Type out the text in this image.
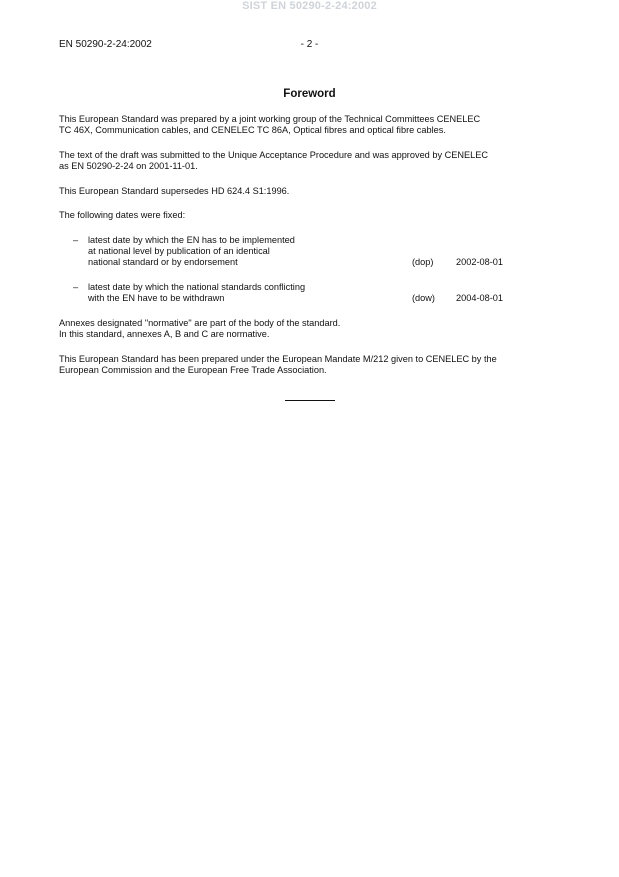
SIST EN 50290-2-24:2002
EN 50290-2-24:2002	- 2 -
Foreword
This European Standard was prepared by a joint working group of the Technical Committees CENELEC
TC 46X, Communication cables, and CENELEC TC 86A, Optical fibres and optical fibre cables.
The text of the draft was submitted to the Unique Acceptance Procedure and was approved by CENELEC
as EN 50290-2-24 on 2001-11-01.
This European Standard supersedes HD 624.4 S1:1996.
The following dates were fixed:
– latest date by which the EN has to be implemented
at national level by publication of an identical
national standard or by endorsement	(dop) 2002-08-01
– latest date by which the national standards conflicting
with the EN have to be withdrawn	(dow) 2004-08-01
Annexes designated "normative" are part of the body of the standard.
In this standard, annexes A, B and C are normative.
This European Standard has been prepared under the European Mandate M/212 given to CENELEC by the
European Commission and the European Free Trade Association.
